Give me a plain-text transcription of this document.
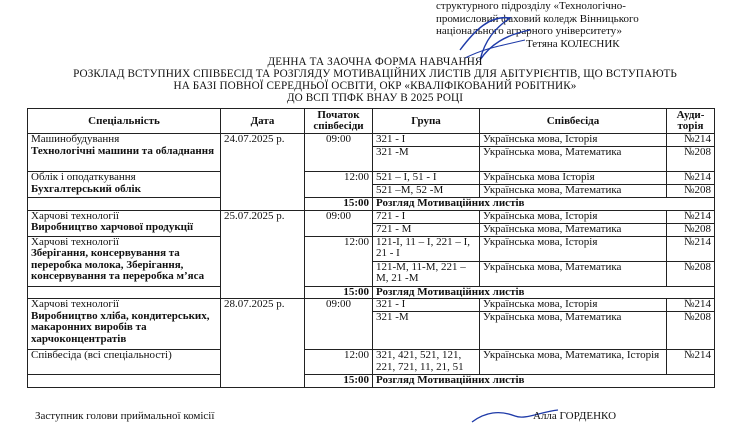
структурного підрозділу «Технологічно-
промисловий фаховий коледж Вінницького
національного аграрного університету»
Тетяна КОЛЕСНИК
ДЕННА ТА ЗАОЧНА ФОРМА НАВЧАННЯ
РОЗКЛАД ВСТУПНИХ СПІВБЕСІД ТА РОЗГЛЯДУ МОТИВАЦІЙНИХ ЛИСТІВ ДЛЯ АБІТУРІЄНТІВ, ЩО ВСТУПАЮТЬ
НА БАЗІ ПОВНОЇ СЕРЕДНЬОЇ ОСВІТИ, ОКР «КВАЛІФІКОВАНИЙ РОБІТНИК»
ДО ВСП ТПФК ВНАУ В 2025 РОЦІ
Спеціальність	Дата	Початок співбесіди	Група	Співбесіда	Ауди-торія

Машинобудування
Технологічні машини та обладнання	24.07.2025 р.	09:00	321 - І	Українська мова, Історія	№214
			321 -М	Українська мова, Математика	№208

Облік і оподаткування
Бухгалтерський облік		12:00	521 – І, 51 - І	Українська мова Історія	№214
			521 –М, 52 -М	Українська мова, Математика	№208
		15:00	Розгляд Мотиваційних листів		

Харчові технології
Виробництво харчової продукції	25.07.2025 р.	09:00	721 - І	Українська мова, Історія	№214
			721 - М	Українська мова, Математика	№208

Харчові технології
Зберігання, консервування та переробка молока, Зберігання, консервування та переробка м’яса		12:00	121-І, 11 – І, 221 – І, 21 - І	Українська мова, Історія	№214
			121-М, 11-М, 221 –М, 21 -М	Українська мова, Математика	№208
		15:00	Розгляд Мотиваційних листів		

Харчові технології
Виробництво хліба, кондитерських, макаронних виробів та харчоконцентратів	28.07.2025 р.	09:00	321 - І	Українська мова, Історія	№214
			321 -М	Українська мова, Математика	№208

Співбесіда (всі спеціальності)		12:00	321, 421, 521, 121, 221, 721, 11, 21, 51	Українська мова, Математика, Історія	№214
		15:00	Розгляд Мотиваційних листів		
Заступник голови приймальної комісії	Алла ГОРДЕНКО
